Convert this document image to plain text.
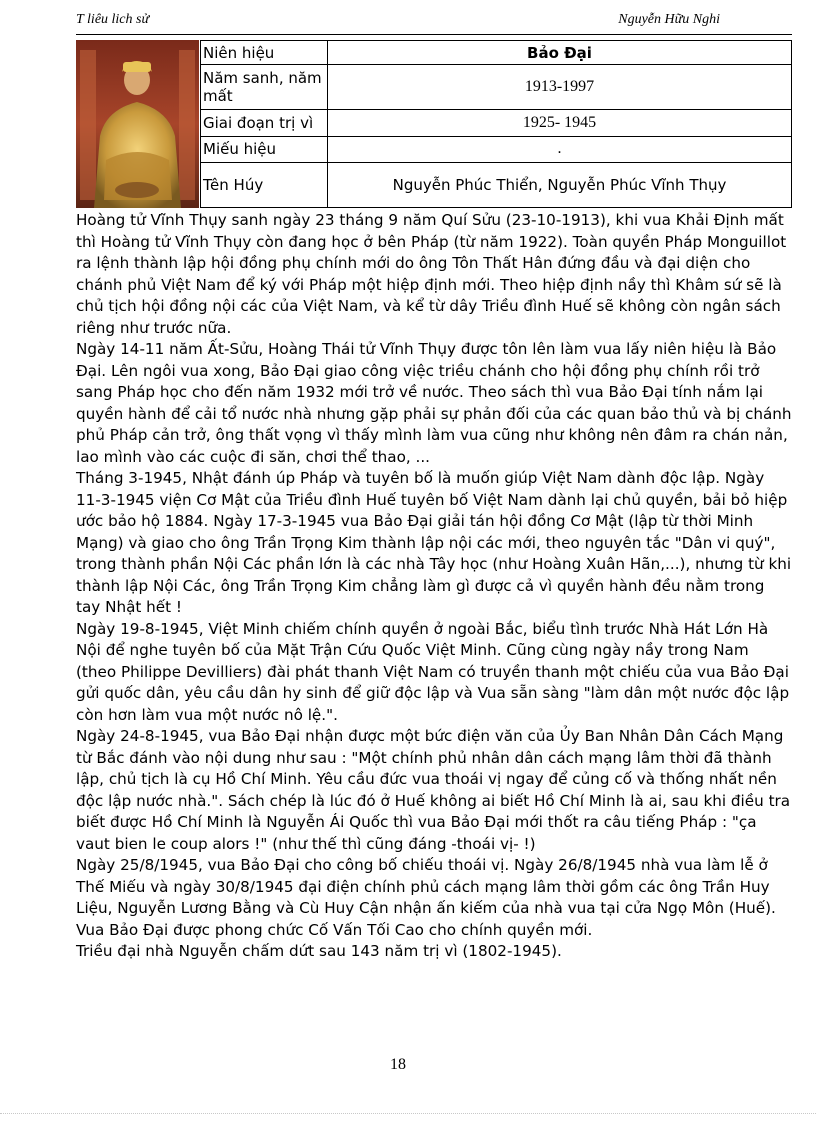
T liêu lich sử	Nguyễn Hữu Nghi
Niên hiệu	Bảo Đại
Năm sanh, năm mất	1913-1997
Giai đoạn trị vì	1925- 1945
Miếu hiệu	.
Tên Húy	Nguyễn Phúc Thiển, Nguyễn Phúc Vĩnh Thụy

Hoàng tử Vĩnh Thụy sanh ngày 23 tháng 9 năm Quí Sửu (23-10-1913), khi vua Khải Định mất thì Hoàng tử Vĩnh Thụy còn đang học ở bên Pháp (từ năm 1922). Toàn quyền Pháp Monguillot ra lệnh thành lập hội đồng phụ chính mới do ông Tôn Thất Hân đứng đầu và đại diện cho chánh phủ Việt Nam để ký với Pháp một hiệp định mới. Theo hiệp định nầy thì Khâm sứ sẽ là chủ tịch hội đồng nội các của Việt Nam, và kể từ dây Triều đình Huế sẽ không còn ngân sách riêng như trước nữa.

Ngày 14-11 năm Ất-Sửu, Hoàng Thái tử Vĩnh Thụy được tôn lên làm vua lấy niên hiệu là Bảo Đại. Lên ngôi vua xong, Bảo Đại giao công việc triều chánh cho hội đồng phụ chính rồi trở sang Pháp học cho đến năm 1932 mới trở về nước. Theo sách thì vua Bảo Đại tính nắm lại quyền hành để cải tổ nước nhà nhưng gặp phải sự phản đối của các quan bảo thủ và bị chánh phủ Pháp cản trở, ông thất vọng vì thấy mình làm vua cũng như không nên đâm ra chán nản, lao mình vào các cuộc đi săn, chơi thể thao, ...

Tháng 3-1945, Nhật đánh úp Pháp và tuyên bố là muốn giúp Việt Nam dành độc lập. Ngày 11-3-1945 viện Cơ Mật của Triều đình Huế tuyên bố Việt Nam dành lại chủ quyền, bải bỏ hiệp ước bảo hộ 1884. Ngày 17-3-1945 vua Bảo Đại giải tán hội đồng Cơ Mật (lập từ thời Minh Mạng) và giao cho ông Trần Trọng Kim thành lập nội các mới, theo nguyên tắc "Dân vi quý", trong thành phần Nội Các phần lớn là các nhà Tây học (như Hoàng Xuân Hãn,...), nhưng từ khi thành lập Nội Các, ông Trần Trọng Kim chẳng làm gì được cả vì quyền hành đều nằm trong tay Nhật hết !

Ngày 19-8-1945, Việt Minh chiếm chính quyền ở ngoài Bắc, biểu tình trước Nhà Hát Lớn Hà Nội để nghe tuyên bố của Mặt Trận Cứu Quốc Việt Minh. Cũng cùng ngày nầy trong Nam (theo Philippe Devilliers) đài phát thanh Việt Nam có truyền thanh một chiếu của vua Bảo Đại gửi quốc dân, yêu cầu dân hy sinh để giữ độc lập và Vua sẵn sàng "làm dân một nước độc lập còn hơn làm vua một nước nô lệ.".

Ngày 24-8-1945, vua Bảo Đại nhận được một bức điện văn của Ủy Ban Nhân Dân Cách Mạng từ Bắc đánh vào nội dung như sau : "Một chính phủ nhân dân cách mạng lâm thời đã thành lập, chủ tịch là cụ Hồ Chí Minh. Yêu cầu đức vua thoái vị ngay để củng cố và thống nhất nền độc lập nước nhà.". Sách chép là lúc đó ở Huế không ai biết Hồ Chí Minh là ai, sau khi điều tra biết được Hồ Chí Minh là Nguyễn Ái Quốc thì vua Bảo Đại mới thốt ra câu tiếng Pháp : "ça vaut bien le coup alors !" (như thế thì cũng đáng -thoái vị- !)

Ngày 25/8/1945, vua Bảo Đại cho công bố chiếu thoái vị. Ngày 26/8/1945 nhà vua làm lễ ở Thế Miếu và ngày 30/8/1945 đại điện chính phủ cách mạng lâm thời gồm các ông Trần Huy Liệu, Nguyễn Lương Bằng và Cù Huy Cận nhận ấn kiếm của nhà vua tại cửa Ngọ Môn (Huế). Vua Bảo Đại được phong chức Cố Vấn Tối Cao cho chính quyền mới.

Triều đại nhà Nguyễn chấm dứt sau 143 năm trị vì (1802-1945).

18
